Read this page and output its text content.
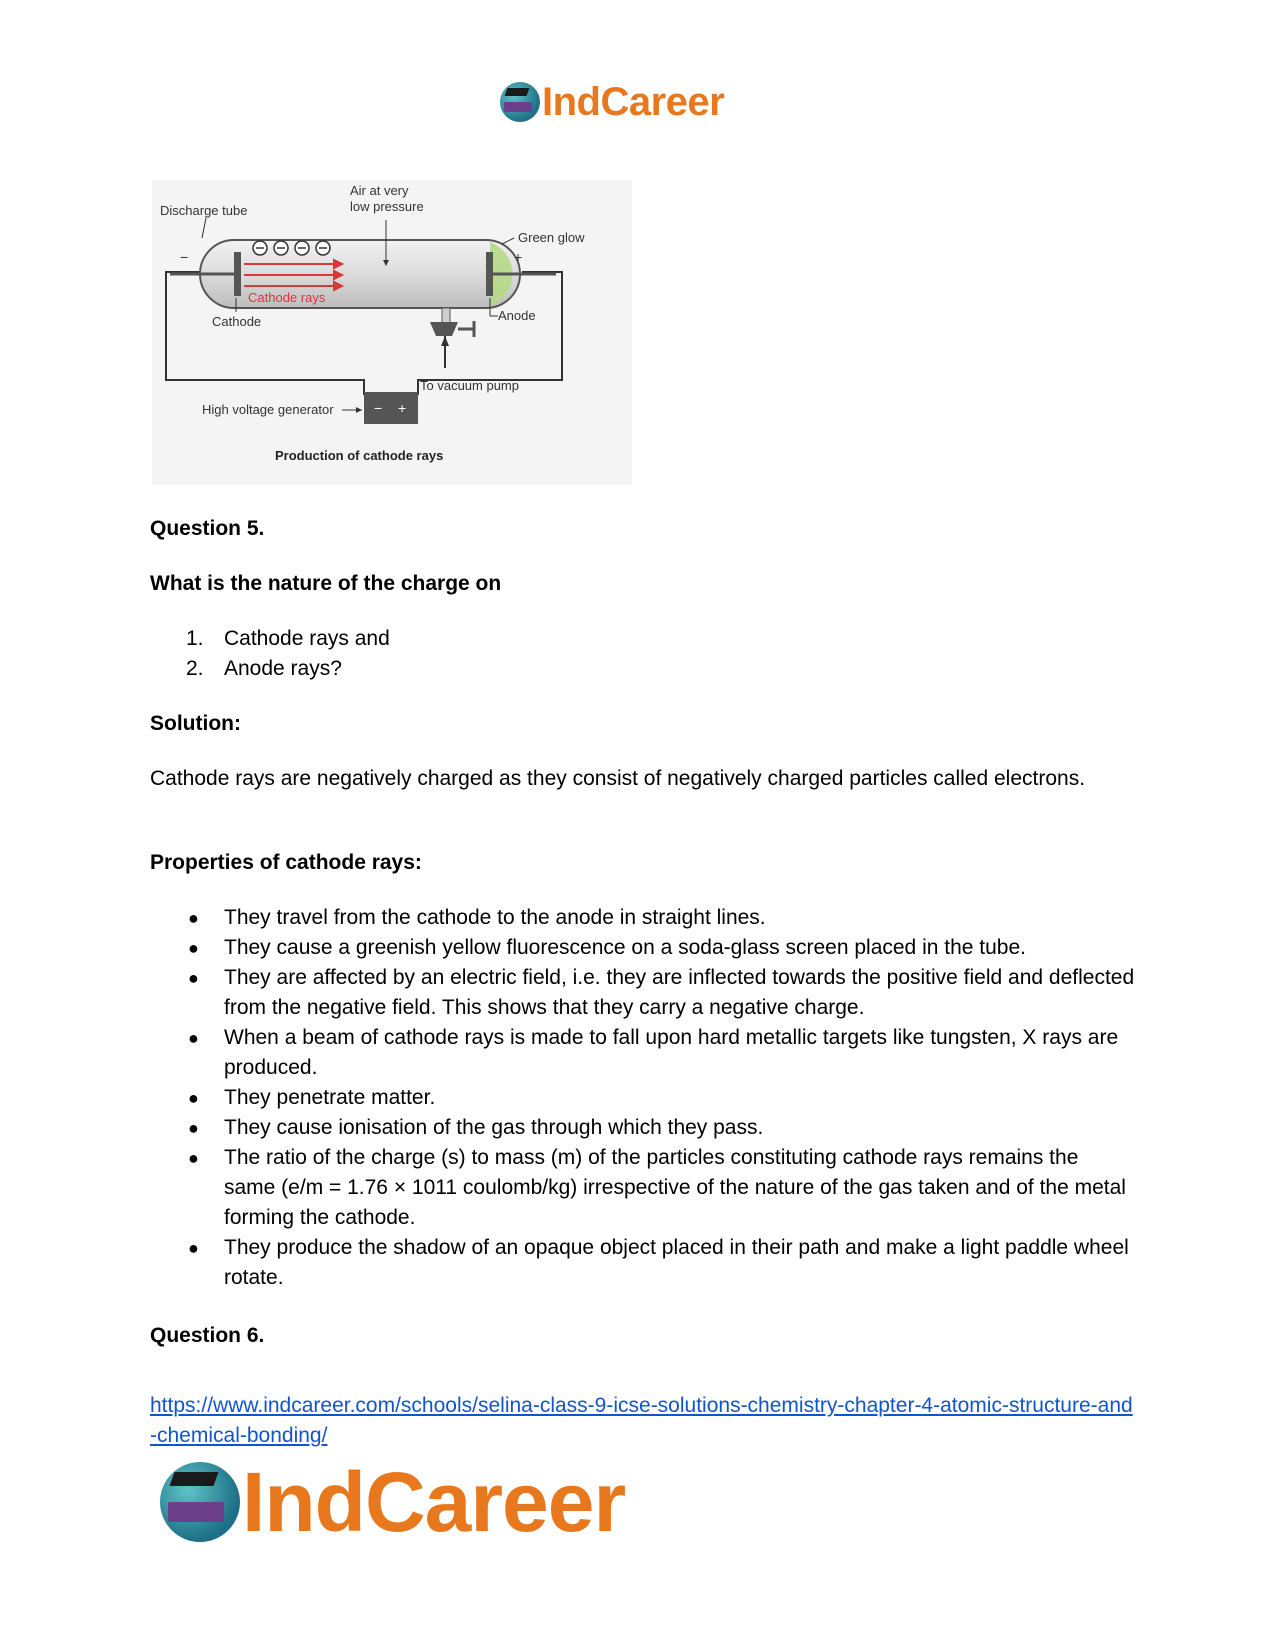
IndCareer
− +
Discharge tube
Air at very
low pressure
Green glow
−	+
Cathode rays
Cathode	Anode
To vacuum pump
High voltage generator
Production of cathode rays
Question 5.
What is the nature of the charge on
1. Cathode rays and
2. Anode rays?
Solution:
Cathode rays are negatively charged as they consist of negatively charged particles called electrons.
Properties of cathode rays:
● They travel from the cathode to the anode in straight lines.
● They cause a greenish yellow fluorescence on a soda-glass screen placed in the tube.
● They are affected by an electric field, i.e. they are inflected towards the positive field and deflected from the negative field. This shows that they carry a negative charge.
● When a beam of cathode rays is made to fall upon hard metallic targets like tungsten, X rays are produced.
● They penetrate matter.
● They cause ionisation of the gas through which they pass.
● The ratio of the charge (s) to mass (m) of the particles constituting cathode rays remains the same (e/m = 1.76 × 1011 coulomb/kg) irrespective of the nature of the gas taken and of the metal forming the cathode.
● They produce the shadow of an opaque object placed in their path and make a light paddle wheel rotate.
Question 6.
https://www.indcareer.com/schools/selina-class-9-icse-solutions-chemistry-chapter-4-atomic-structure-and-chemical-bonding/
IndCareer
